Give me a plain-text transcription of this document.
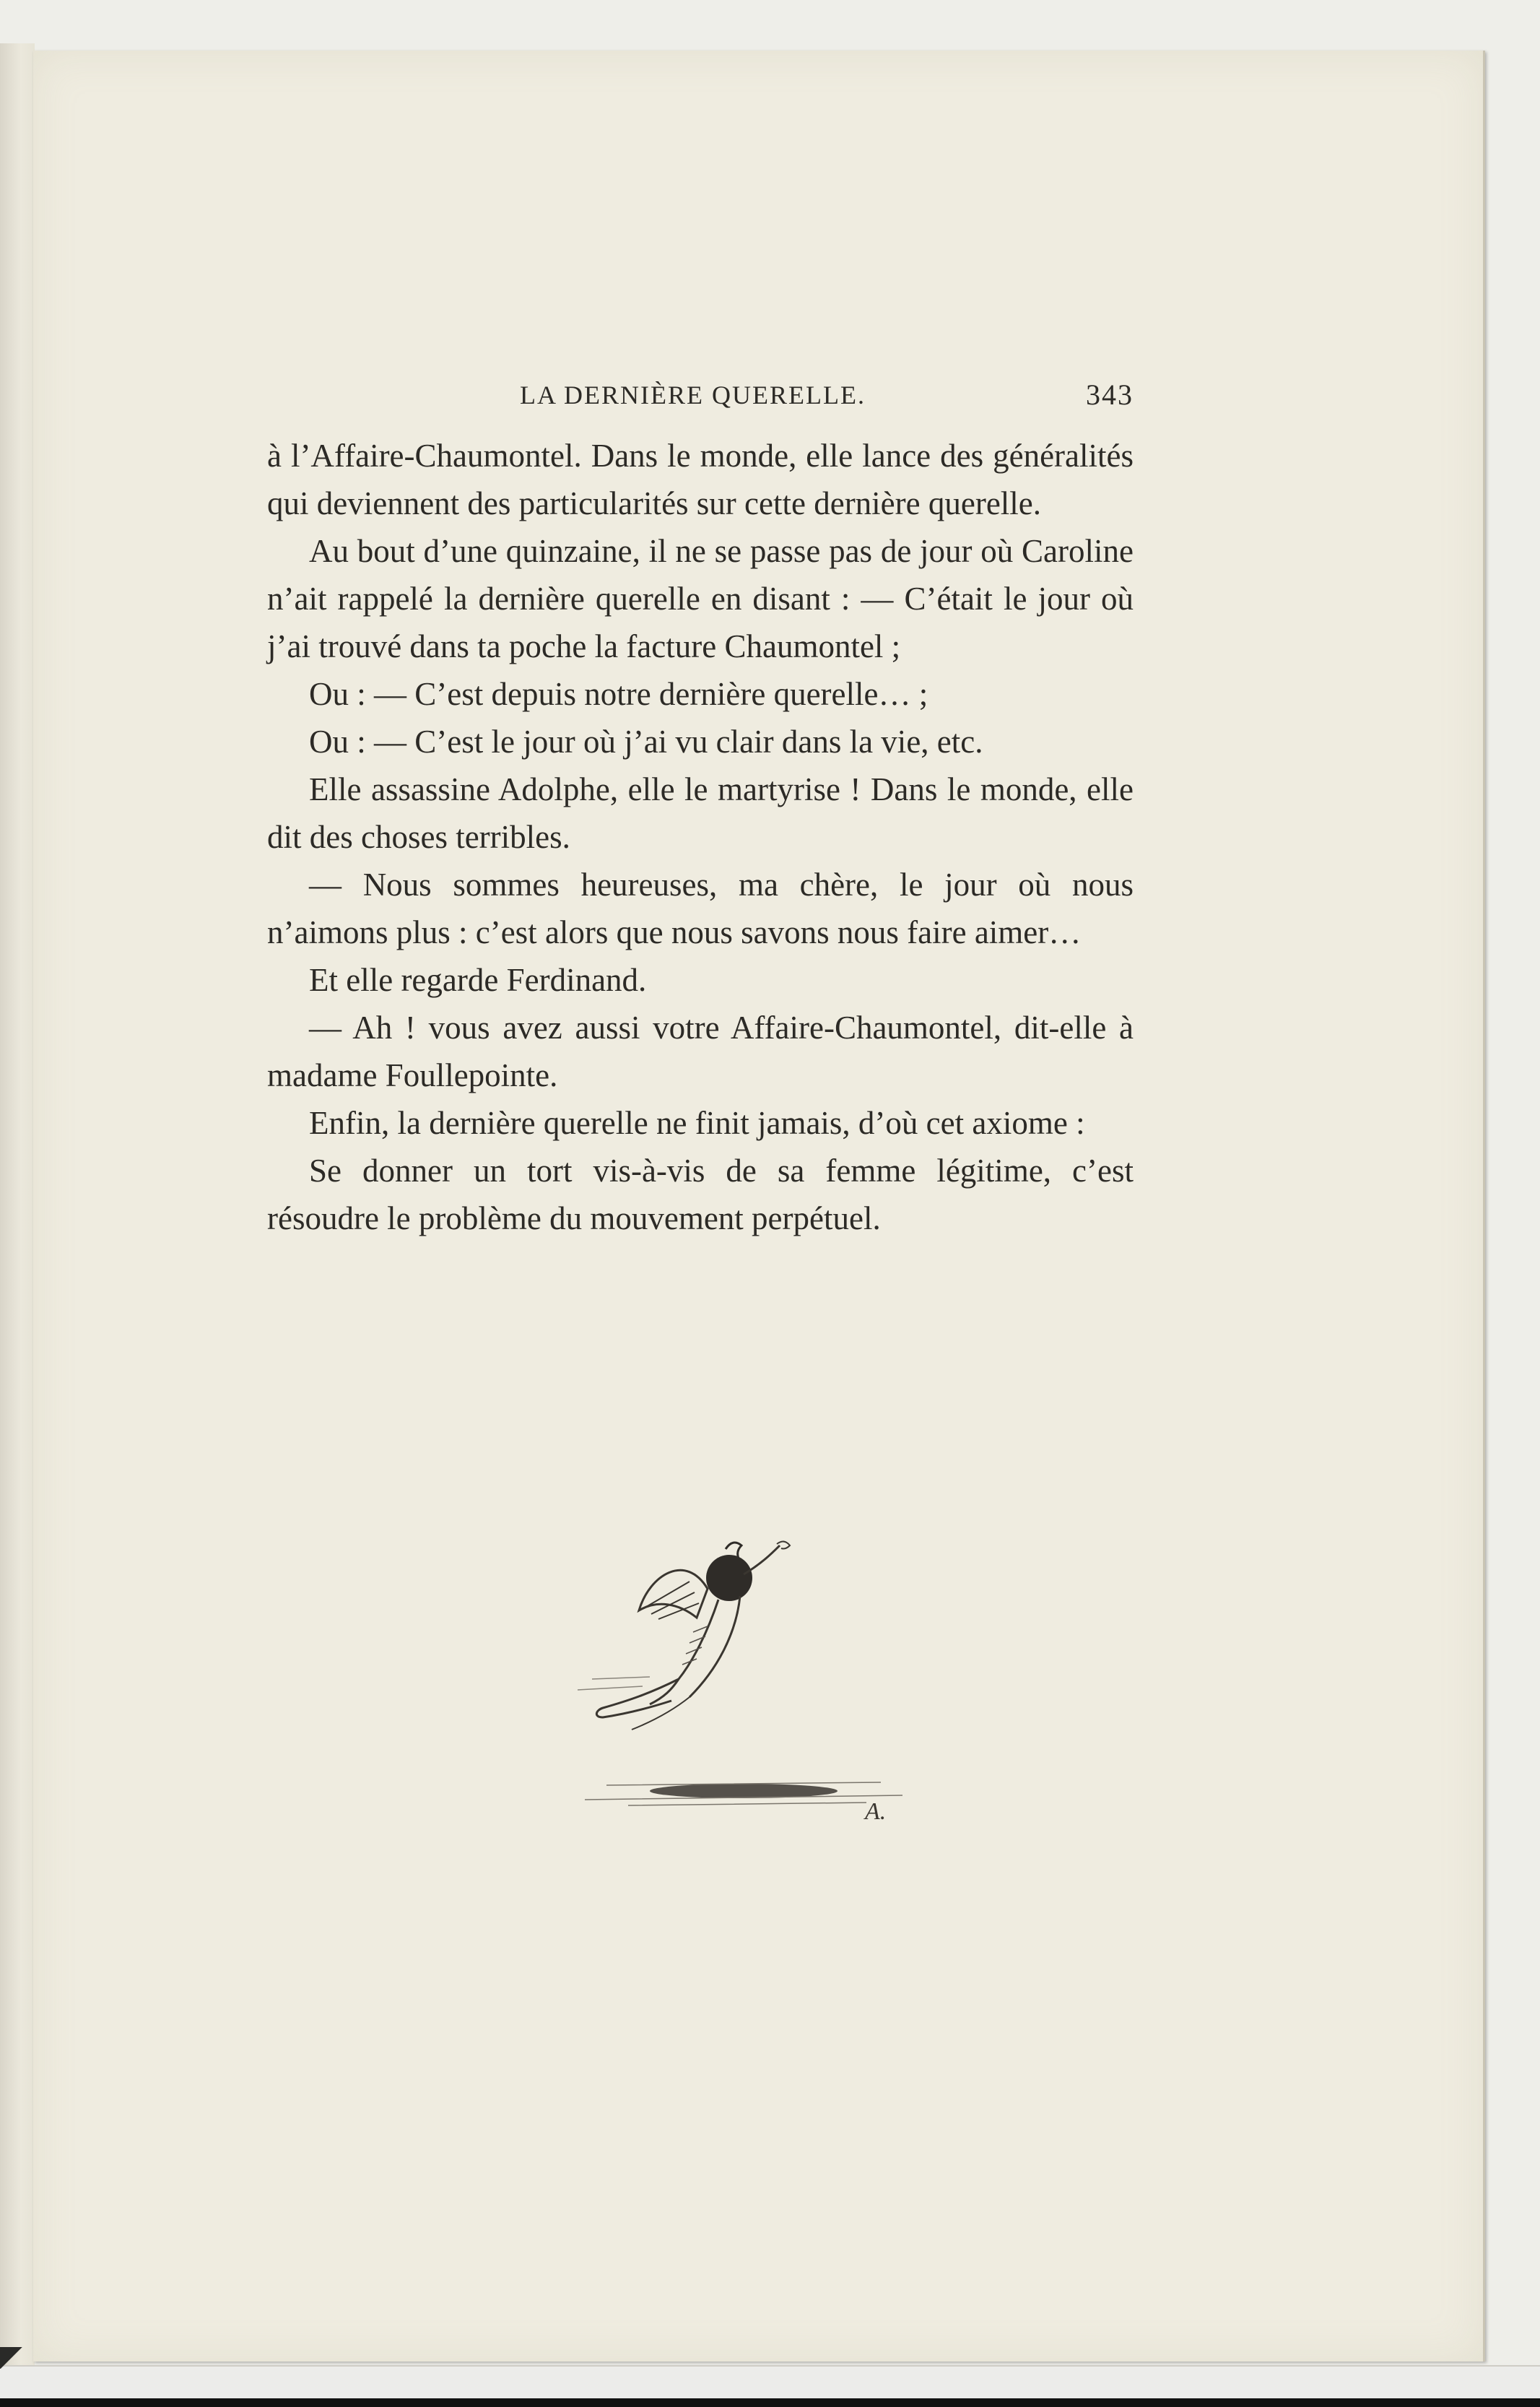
LA DERNIÈRE QUERELLE.	343

à l’Affaire-Chaumontel. Dans le monde, elle lance des généralités qui deviennent des particularités sur cette dernière querelle.

Au bout d’une quinzaine, il ne se passe pas de jour où Caroline n’ait rappelé la dernière querelle en disant : — C’était le jour où j’ai trouvé dans ta poche la facture Chaumontel ;

Ou : — C’est depuis notre dernière querelle… ;

Ou : — C’est le jour où j’ai vu clair dans la vie, etc.

Elle assassine Adolphe, elle le martyrise ! Dans le monde, elle dit des choses terribles.

— Nous sommes heureuses, ma chère, le jour où nous n’aimons plus : c’est alors que nous savons nous faire aimer…

Et elle regarde Ferdinand.

— Ah ! vous avez aussi votre Affaire-Chaumontel, dit-elle à madame Foullepointe.

Enfin, la dernière querelle ne finit jamais, d’où cet axiome :

Se donner un tort vis-à-vis de sa femme légitime, c’est résoudre le problème du mouvement perpétuel.

A.
